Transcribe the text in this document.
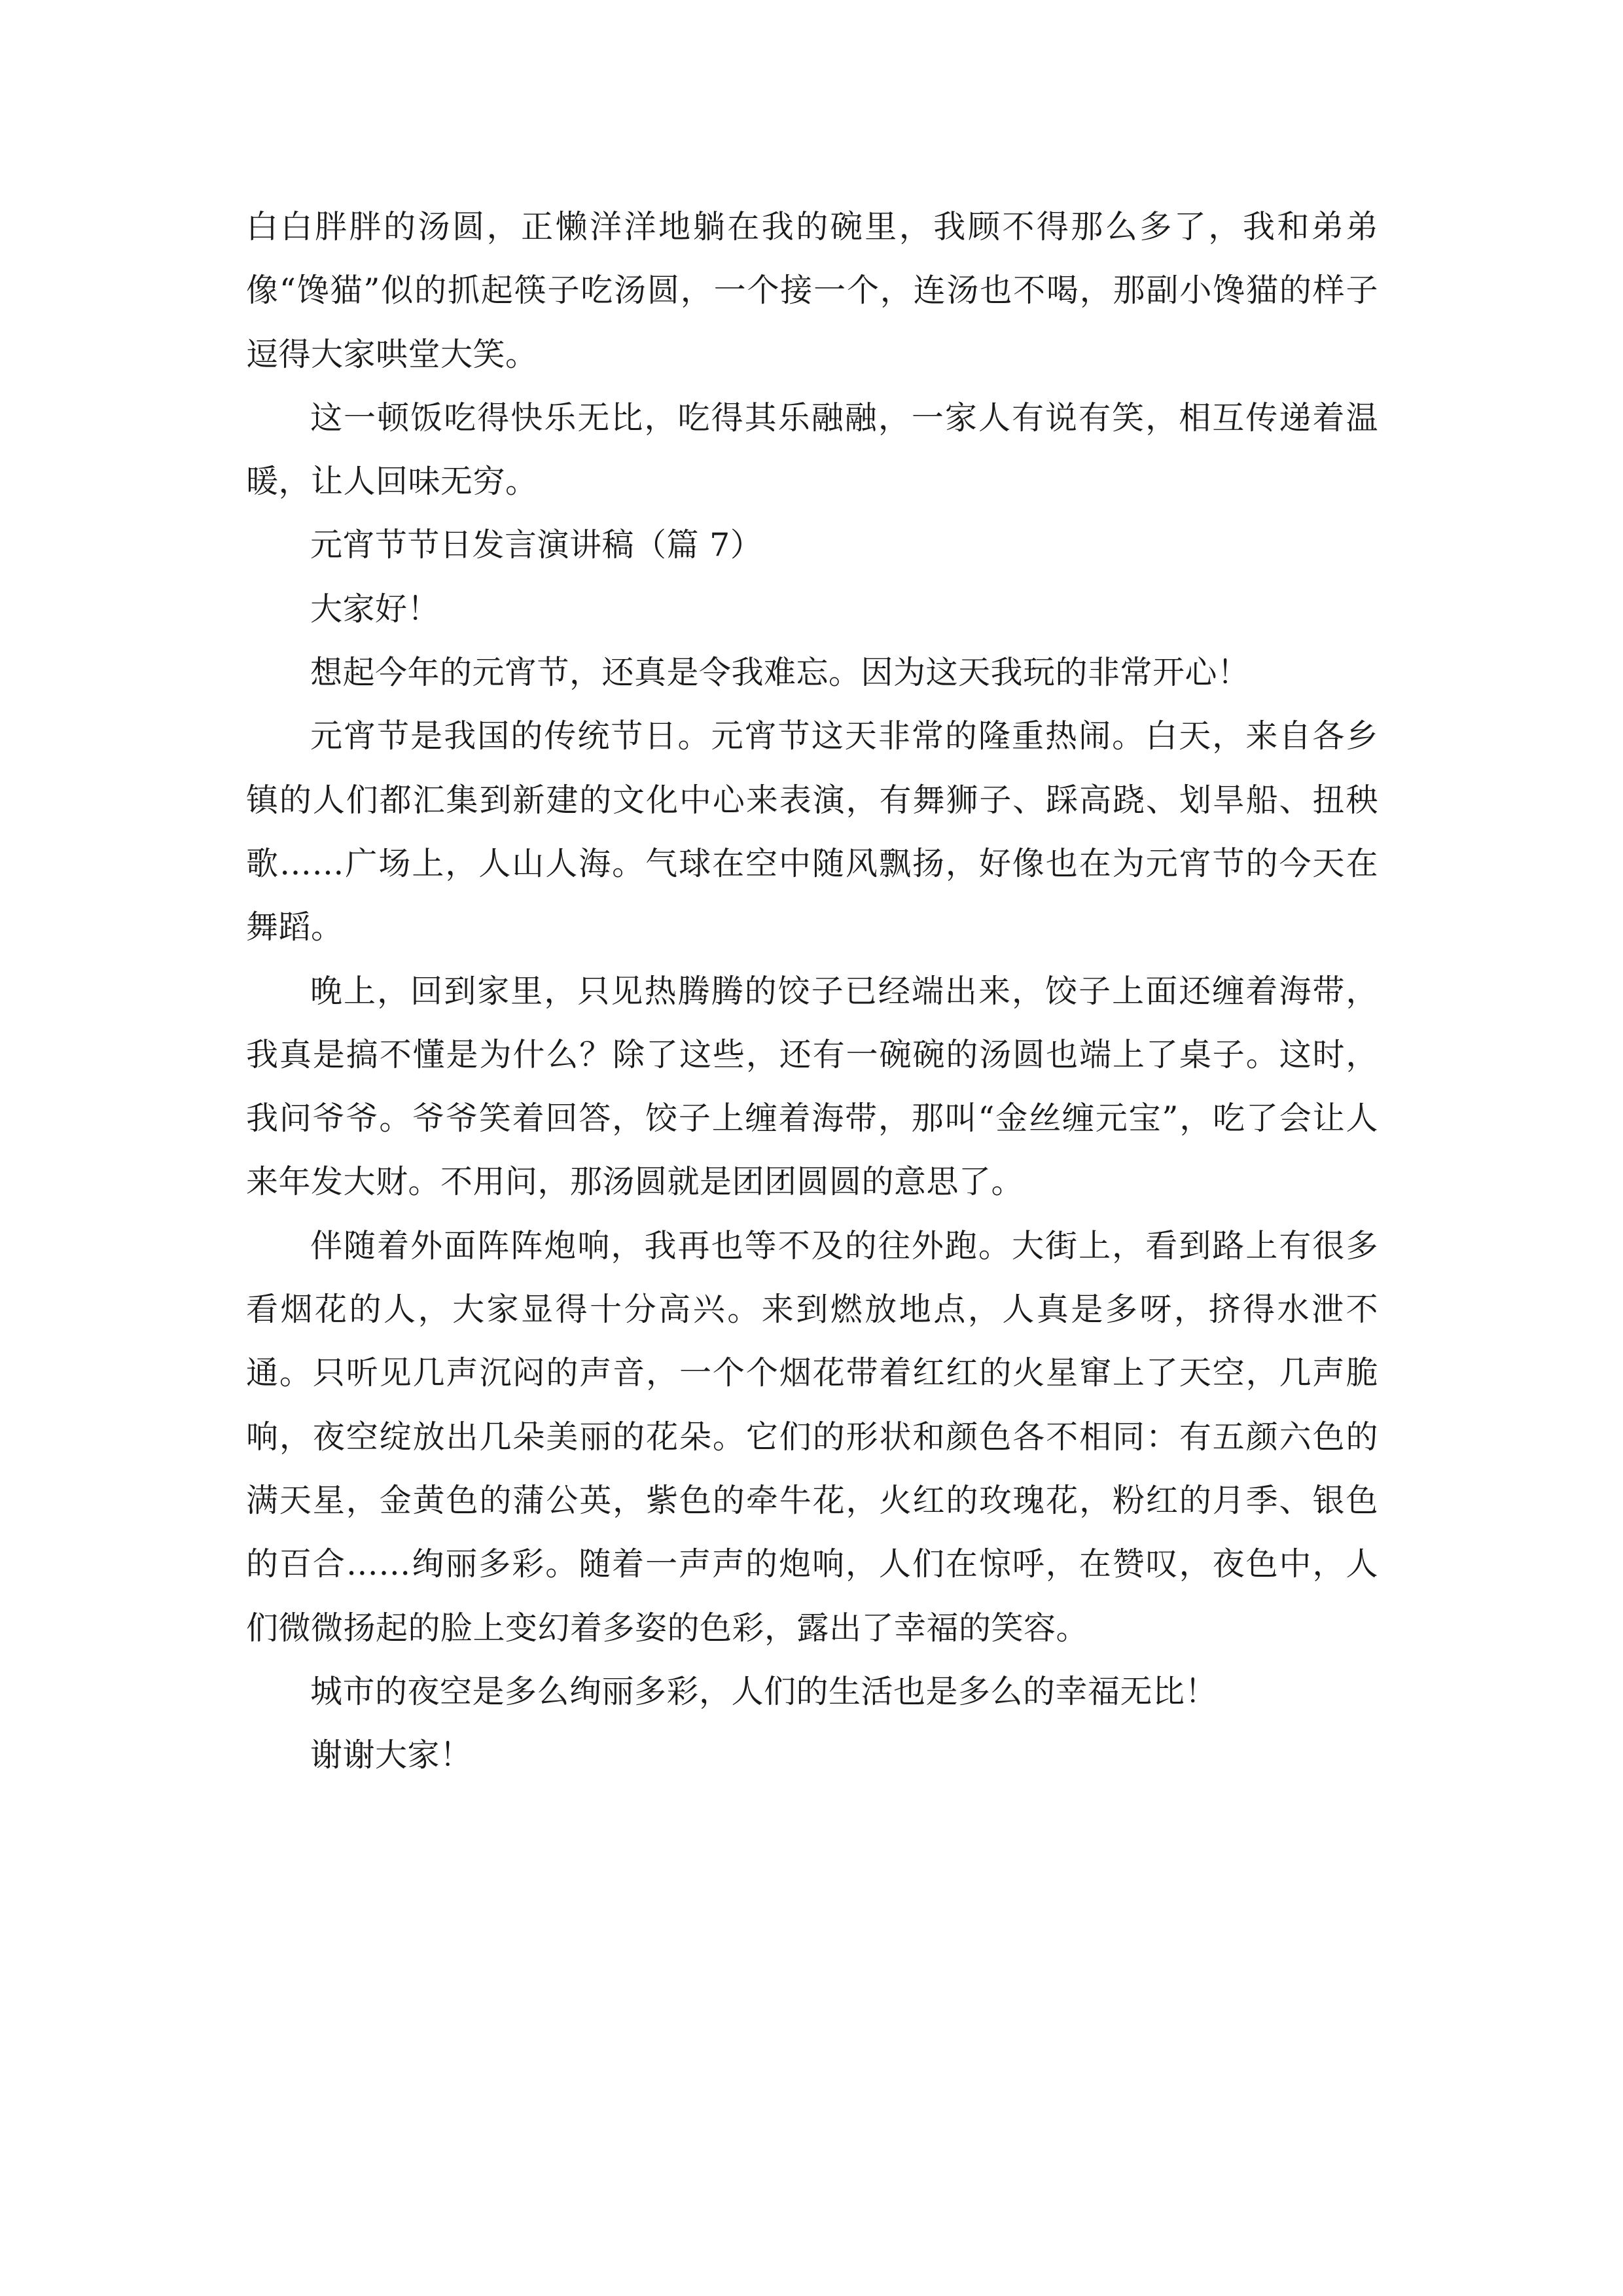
白白胖胖的汤圆，正懒洋洋地躺在我的碗里，我顾不得那么多了，我和弟弟像“馋猫”似的抓起筷子吃汤圆，一个接一个，连汤也不喝，那副小馋猫的样子逗得大家哄堂大笑。

这一顿饭吃得快乐无比，吃得其乐融融，一家人有说有笑，相互传递着温暖，让人回味无穷。

元宵节节日发言演讲稿（篇 7）

大家好！

想起今年的元宵节，还真是令我难忘。因为这天我玩的非常开心！

元宵节是我国的传统节日。元宵节这天非常的隆重热闹。白天，来自各乡镇的人们都汇集到新建的文化中心来表演，有舞狮子、踩高跷、划旱船、扭秧歌……广场上，人山人海。气球在空中随风飘扬，好像也在为元宵节的今天在舞蹈。

晚上，回到家里，只见热腾腾的饺子已经端出来，饺子上面还缠着海带，我真是搞不懂是为什么？除了这些，还有一碗碗的汤圆也端上了桌子。这时，我问爷爷。爷爷笑着回答，饺子上缠着海带，那叫“金丝缠元宝”，吃了会让人来年发大财。不用问，那汤圆就是团团圆圆的意思了。

伴随着外面阵阵炮响，我再也等不及的往外跑。大街上，看到路上有很多看烟花的人，大家显得十分高兴。来到燃放地点，人真是多呀，挤得水泄不通。只听见几声沉闷的声音，一个个烟花带着红红的火星窜上了天空，几声脆响，夜空绽放出几朵美丽的花朵。它们的形状和颜色各不相同：有五颜六色的满天星，金黄色的蒲公英，紫色的牵牛花，火红的玫瑰花，粉红的月季、银色的百合……绚丽多彩。随着一声声的炮响，人们在惊呼，在赞叹，夜色中，人们微微扬起的脸上变幻着多姿的色彩，露出了幸福的笑容。

城市的夜空是多么绚丽多彩，人们的生活也是多么的幸福无比！

谢谢大家！
